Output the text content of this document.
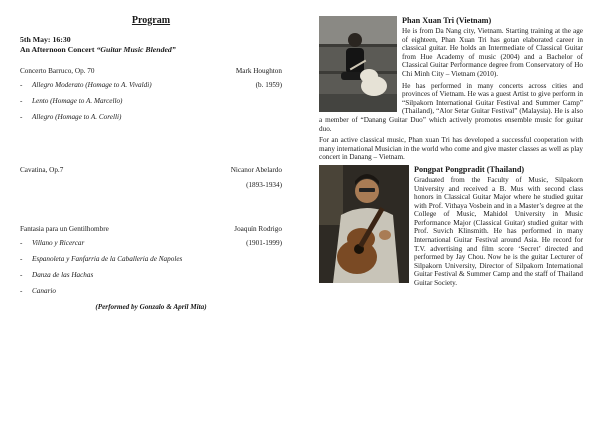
Program
5th May: 16:30
An Afternoon Concert “Guitar Music Blended”
Concerto Barruco, Op. 70	Mark Houghton
- Allegro Moderato (Homage to A. Vivaldi)	(b. 1959)
- Lento (Homage to A. Marcello)
- Allegro (Homage to A. Corelli)
Cavatina, Op.7	Nicanor Abelardo
(1893-1934)
Fantasia para un Gentilhombre	Joaquín Rodrigo
- Villano y Ricercar	(1901-1999)
- Espanoleta y Fanfarria de la Caballeria de Napoles
- Danza de las Hachas
- Canario
(Performed by Gonzalo & April Mita)
Phan Xuan Tri (Vietnam)

He is from Da Nang city, Vietnam. Starting training at the age of eighteen, Phan Xuan Tri has gotan elaborated career in classical guitar. He holds an Intermediate of Classical Guitar from Hue Academy of music (2004) and a Bachelor of Classical Guitar Performance degree from Conservatory of Ho Chi Minh City – Vietnam (2010).

He has performed in many concerts across cities and provinces of Vietnam. He was a guest Artist to give perform in “Silpakorn International Guitar Festival and Summer Camp” (Thailand), “Alor Setar Guitar Festival” (Malaysia). He is also a member of “Danang Guitar Duo” which actively promotes ensemble music for guitar duo.

For an active classical music, Phan xuan Tri has developed a successful cooperation with many international Musician in the world who come and give master classes as well as play concert in Danang – Vietnam.

Pongpat Pongpradit (Thailand)

Graduated from the Faculty of Music, Silpakorn University and received a B. Mus with second class honors in Classical Guitar Major where he studied guitar with Prof. Vithaya Vosbein and in a Master’s degree at the College of Music, Mahidol University in Music Performance Major (Classical Guitar) studied guitar with Prof. Suvich Klinsmith. He has performed in many International Guitar Festival around Asia. He record for T.V. advertising and film score ‘Secret’ directed and performed by Jay Chou. Now he is the guitar Lecturer of Silpakorn University, Director of Silpakorn International Guitar Festival & Summer Camp and the staff of Thailand Guitar Society.
